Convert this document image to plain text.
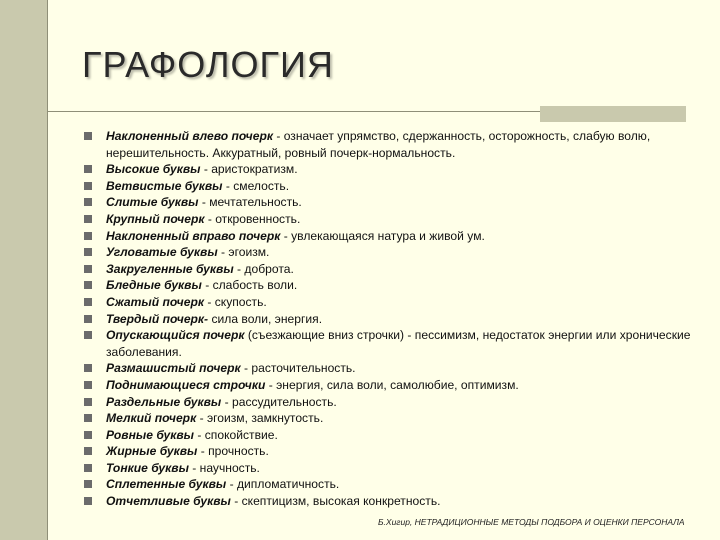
ГРАФОЛОГИЯ
Наклоненный влево почерк - означает упрямство, сдержанность, осторожность, слабую волю, нерешительность. Аккуратный, ровный почерк-нормальность.
Высокие буквы - аристократизм.
Ветвистые буквы - смелость.
Слитые буквы - мечтательность.
Крупный почерк - откровенность.
Наклоненный вправо почерк - увлекающаяся натура и живой ум.
Угловатые буквы - эгоизм.
Закругленные буквы - доброта.
Бледные буквы - слабость воли.
Сжатый почерк - скупость.
Твердый почерк- сила воли, энергия.
Опускающийся почерк (съезжающие вниз строчки) - пессимизм, недостаток энергии или хронические заболевания.
Размашистый почерк - расточительность.
Поднимающиеся строчки - энергия, сила воли, самолюбие, оптимизм.
Раздельные буквы - рассудительность.
Мелкий почерк - эгоизм, замкнутость.
Ровные буквы - спокойствие.
Жирные буквы - прочность.
Тонкие буквы - научность.
Сплетенные буквы - дипломатичность.
Отчетливые буквы - скептицизм, высокая конкретность.
Б.Хигир, НЕТРАДИЦИОННЫЕ МЕТОДЫ ПОДБОРА И ОЦЕНКИ ПЕРСОНАЛА
